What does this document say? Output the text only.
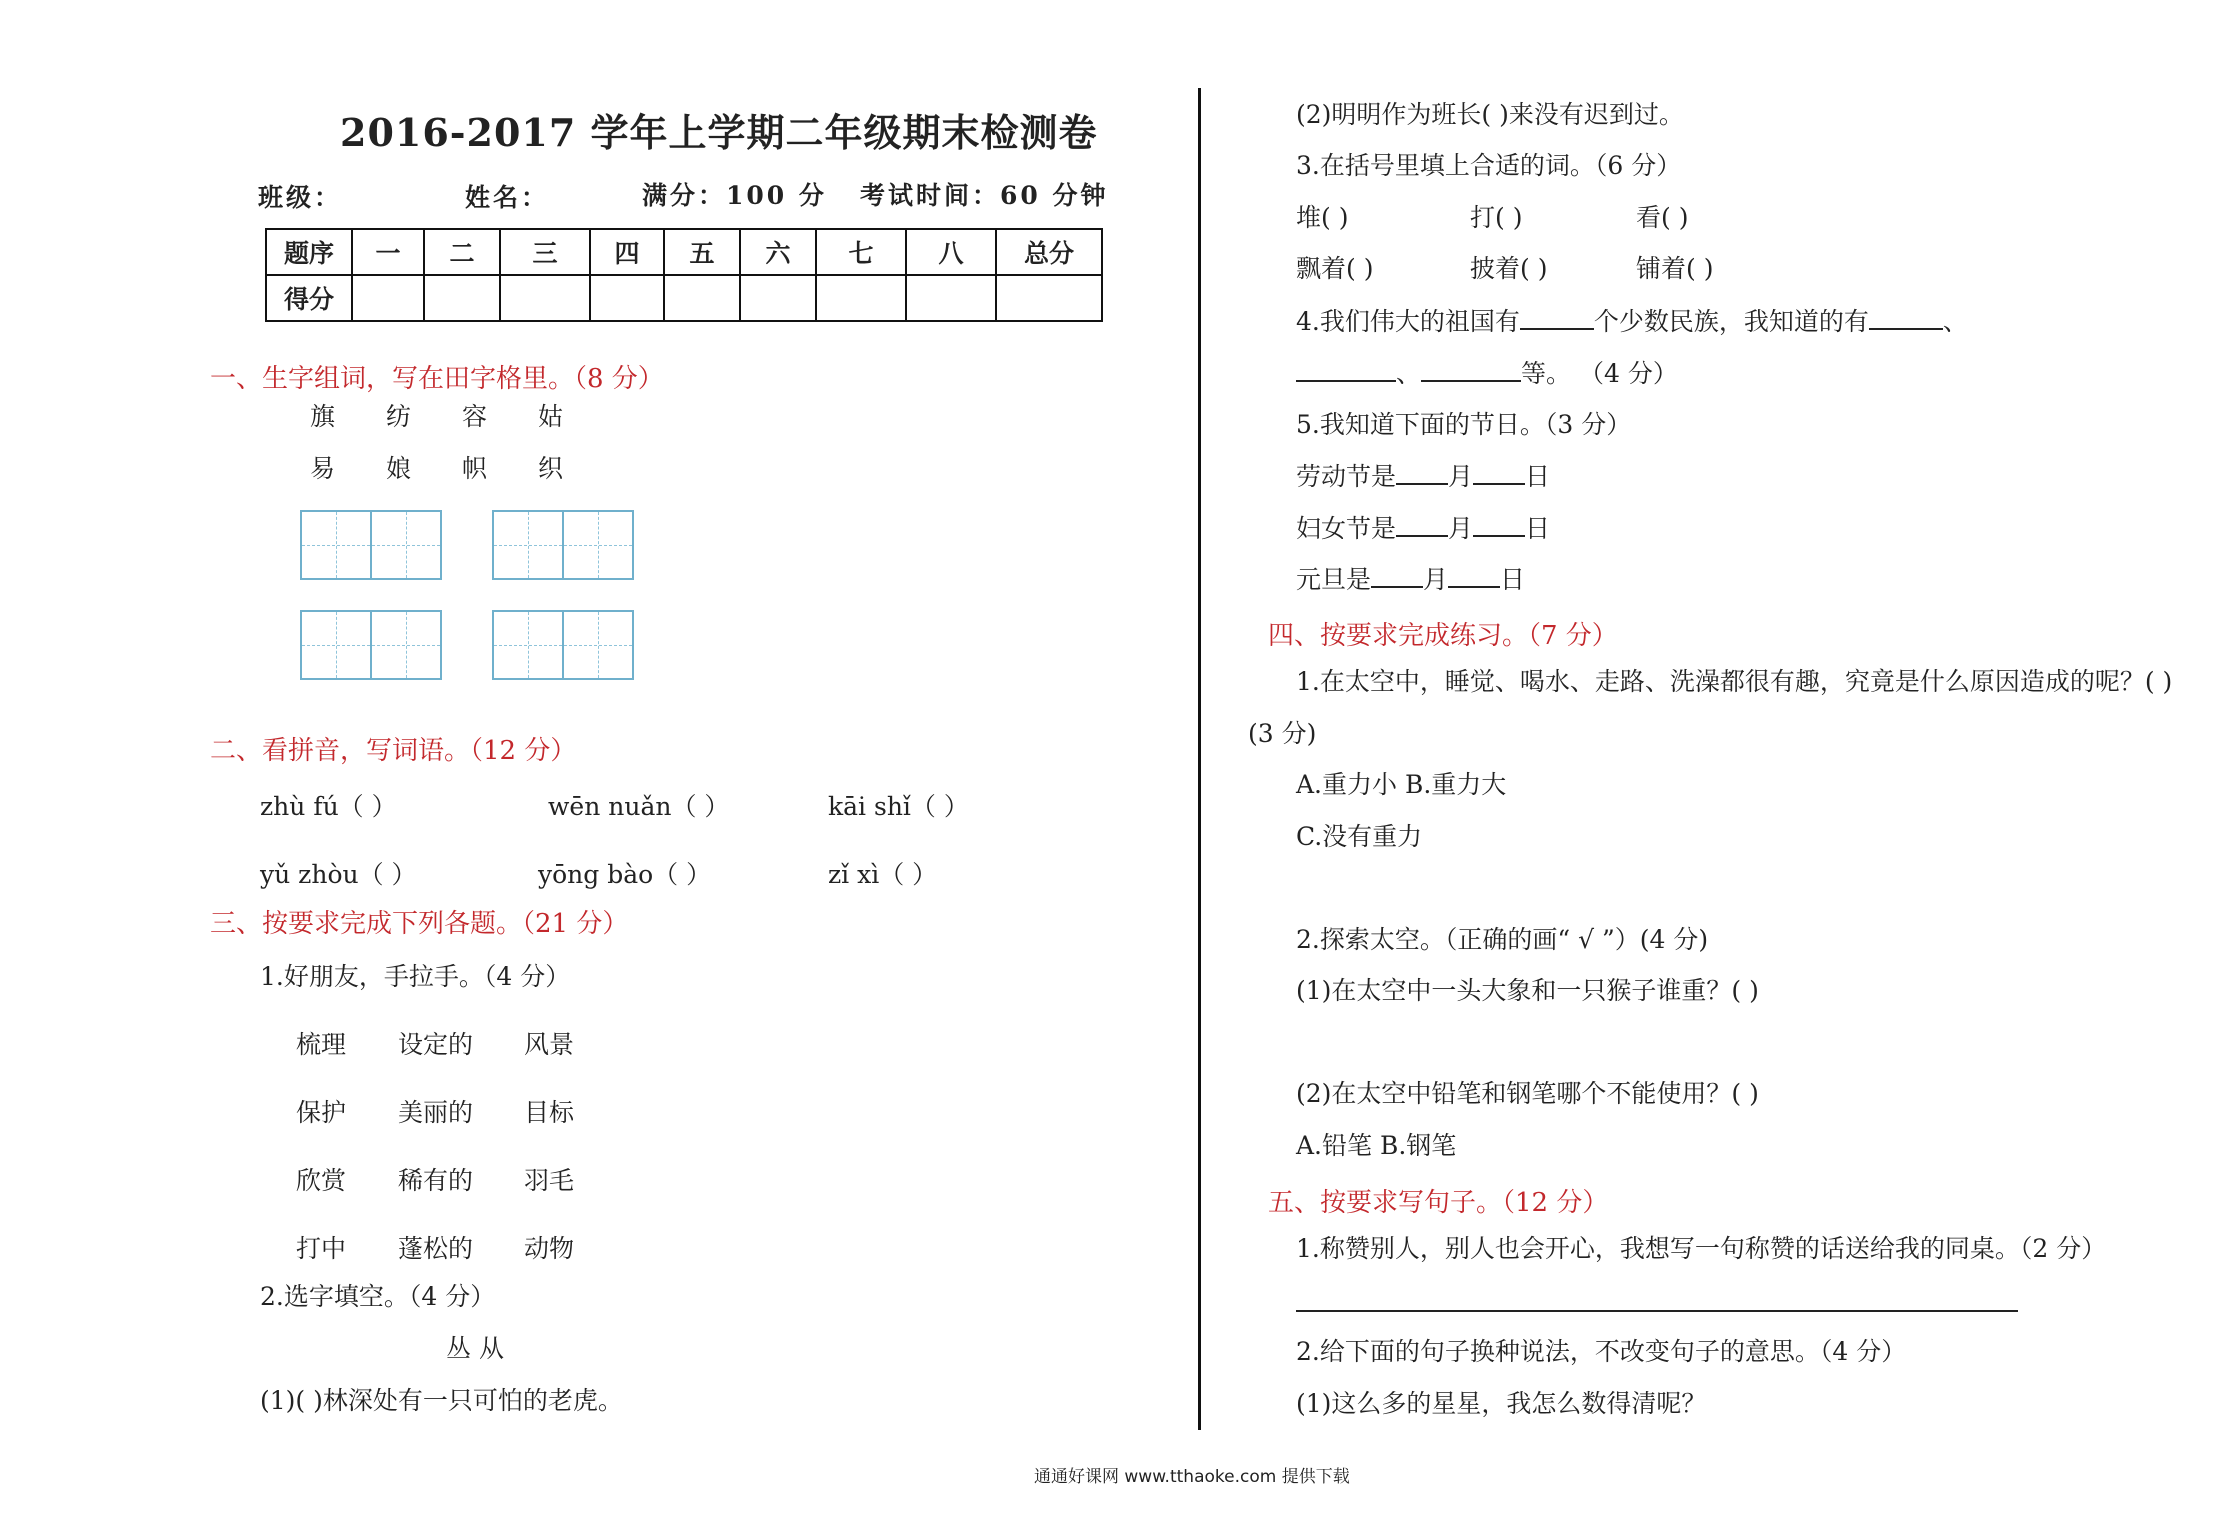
2016-2017 学年上学期二年级期末检测卷
班级：	姓名：	满分：100 分 考试时间：60 分钟
题序	一	二	三	四	五	六	七	八	总分
得分									
一、生字组词，写在田字格里。（8 分）
旗 纺 容 姑
易 娘 帜 织
二、看拼音，写词语。（12 分）
zhù fú（ ）	wēn nuǎn（ ）	kāi shǐ（ ）
yǔ zhòu（ ）	yōng bào（ ）	zǐ xì（ ）
三、按要求完成下列各题。（21 分）
1.好朋友，手拉手。（4 分）
梳理 设定的 风景
保护 美丽的 目标
欣赏 稀有的 羽毛
打中 蓬松的 动物
2.选字填空。（4 分）
丛 从
(1)( )林深处有一只可怕的老虎。
(2)明明作为班长( )来没有迟到过。
3.在括号里填上合适的词。（6 分）
堆( )	打( )	看( )
飘着( )	披着( )	铺着( )
4.我们伟大的祖国有	个少数民族，我知道的有	、
、	等。 （4 分）
5.我知道下面的节日。（3 分）
劳动节是 月 日
妇女节是 月 日
元旦是 月 日
四、按要求完成练习。（7 分）
1.在太空中，睡觉、喝水、走路、洗澡都很有趣，究竟是什么原因造成的呢？( )
(3 分)
A.重力小 B.重力大
C.没有重力
2.探索太空。（正确的画“ √ ”）(4 分)
(1)在太空中一头大象和一只猴子谁重？( )
(2)在太空中铅笔和钢笔哪个不能使用？( )
A.铅笔 B.钢笔
五、按要求写句子。（12 分）
1.称赞别人，别人也会开心，我想写一句称赞的话送给我的同桌。（2 分）
2.给下面的句子换种说法，不改变句子的意思。（4 分）
(1)这么多的星星，我怎么数得清呢？
通通好课网 www.tthaoke.com 提供下载
